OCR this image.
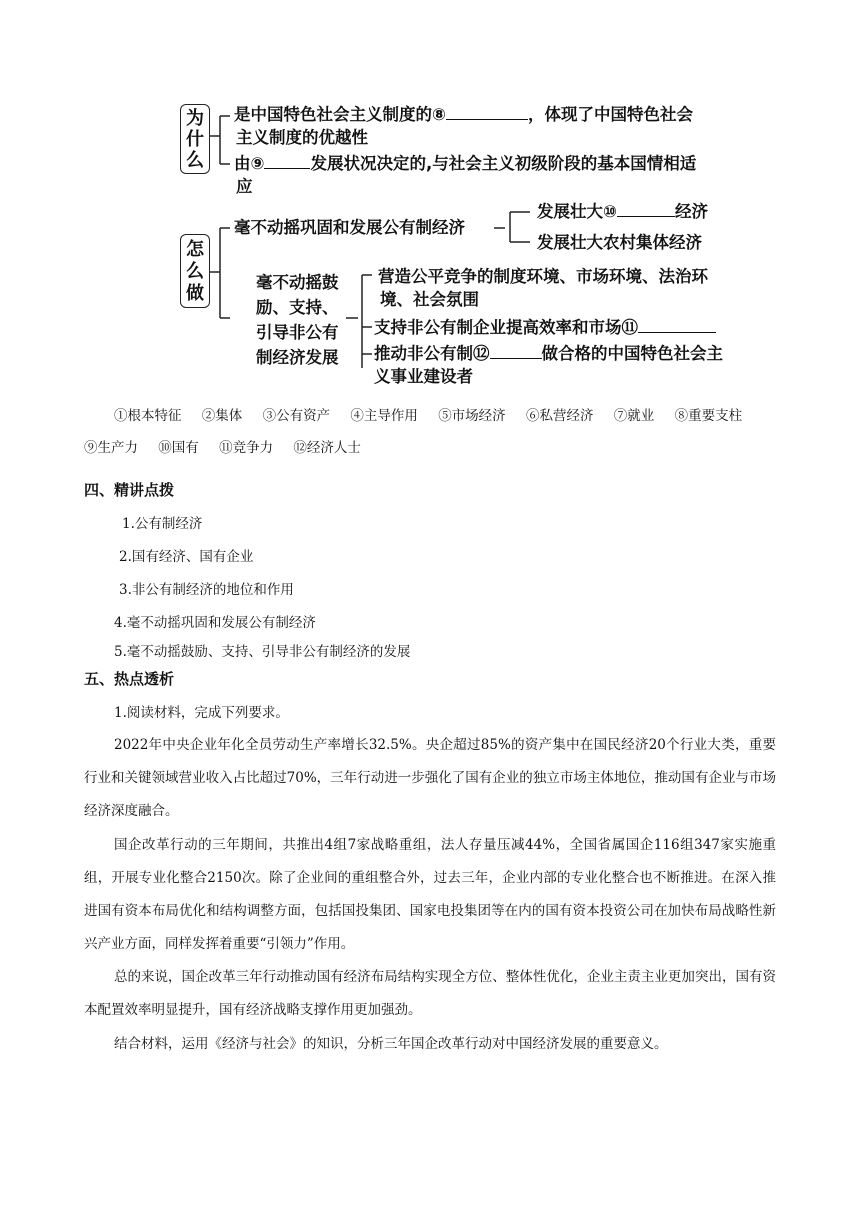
为
什
么
是中国特色社会主义制度的⑧	，体现了中国特色社会
主义制度的优越性
由⑨	发展状况决定的,与社会主义初级阶段的基本国情相适
应
怎
么
做
毫不动摇巩固和发展公有制经济
发展壮大⑩	经济
发展壮大农村集体经济
毫不动摇鼓
励、支持、
引导非公有
制经济发展
营造公平竞争的制度环境、市场环境、法治环
境、社会氛围
支持非公有制企业提高效率和市场⑪
推动非公有制⑫	做合格的中国特色社会主
义事业建设者
①根本特征 ②集体 ③公有资产 ④主导作用 ⑤市场经济 ⑥私营经济 ⑦就业 ⑧重要支柱
⑨生产力 ⑩国有 ⑪竞争力 ⑫经济人士
四、精讲点拨
1.公有制经济
2.国有经济、国有企业
3.非公有制经济的地位和作用
4.毫不动摇巩固和发展公有制经济
5.毫不动摇鼓励、支持、引导非公有制经济的发展
五、热点透析
1.阅读材料，完成下列要求。
2022年中央企业年化全员劳动生产率增长32.5%。央企超过85%的资产集中在国民经济20个行业大类，重要行业和关键领域营业收入占比超过70%，三年行动进一步强化了国有企业的独立市场主体地位，推动国有企业与市场经济深度融合。
国企改革行动的三年期间，共推出4组7家战略重组，法人存量压减44%，全国省属国企116组347家实施重组，开展专业化整合2150次。除了企业间的重组整合外，过去三年，企业内部的专业化整合也不断推进。在深入推进国有资本布局优化和结构调整方面，包括国投集团、国家电投集团等在内的国有资本投资公司在加快布局战略性新兴产业方面，同样发挥着重要“引领力”作用。
总的来说，国企改革三年行动推动国有经济布局结构实现全方位、整体性优化，企业主责主业更加突出，国有资本配置效率明显提升，国有经济战略支撑作用更加强劲。
结合材料，运用《经济与社会》的知识，分析三年国企改革行动对中国经济发展的重要意义。
